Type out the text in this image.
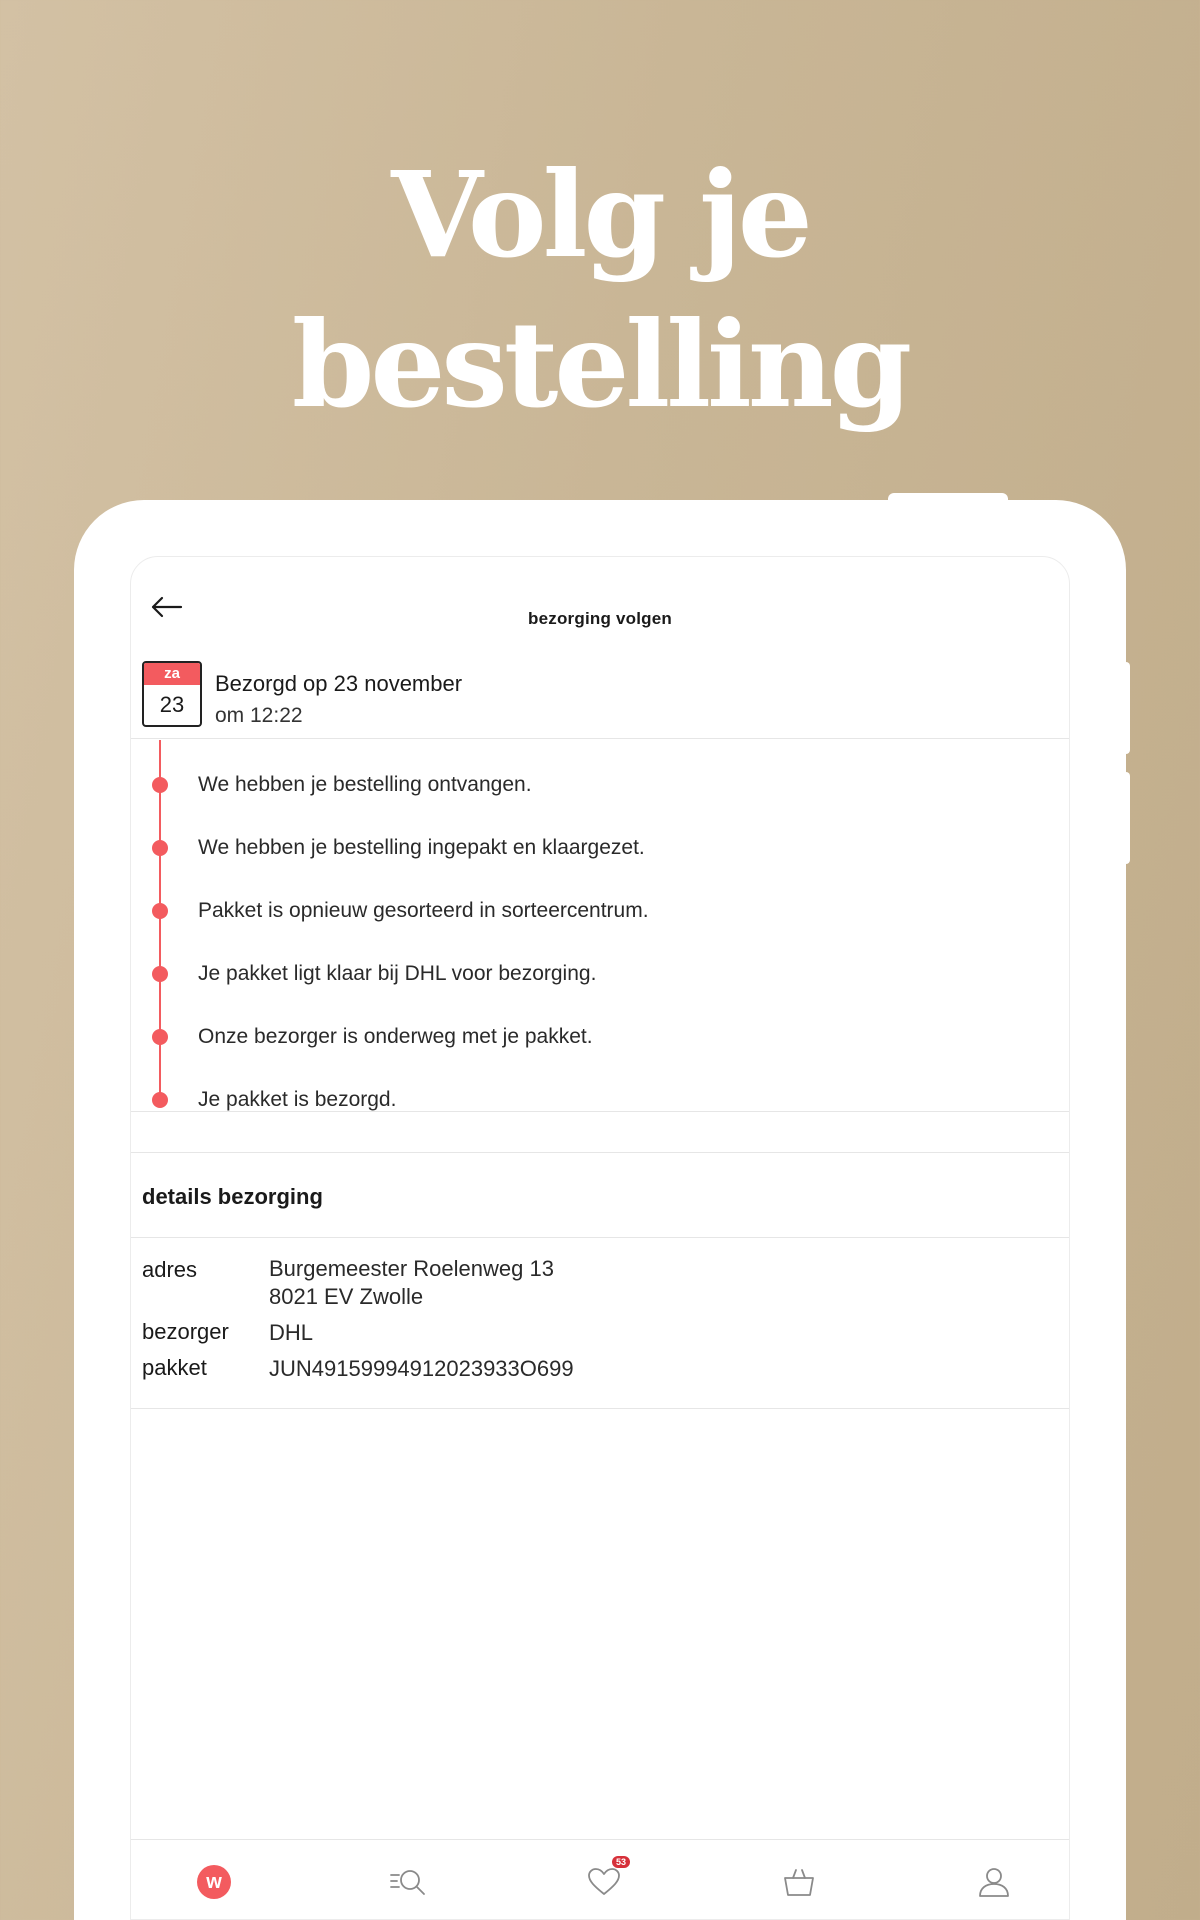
Volg je
bestelling
bezorging volgen
za
23
Bezorgd op 23 november
om 12:22
We hebben je bestelling ontvangen.
We hebben je bestelling ingepakt en klaargezet.
Pakket is opnieuw gesorteerd in sorteercentrum.
Je pakket ligt klaar bij DHL voor bezorging.
Onze bezorger is onderweg met je pakket.
Je pakket is bezorgd.
details bezorging
adres	Burgemeester Roelenweg 13
8021 EV Zwolle
bezorger DHL
pakket	JUN49159994912023933O699
w
53
